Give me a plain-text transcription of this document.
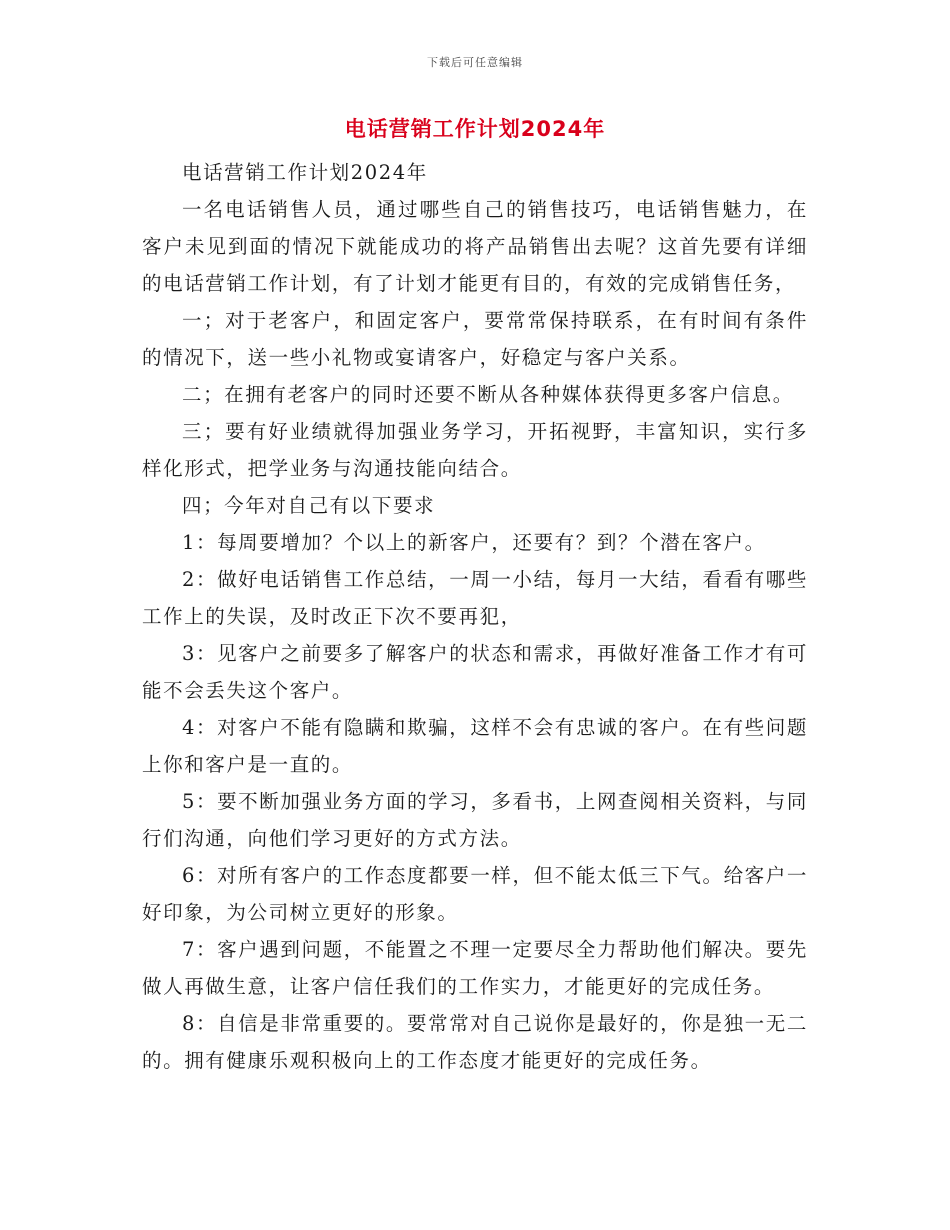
下载后可任意编辑
电话营销工作计划2024年

电话营销工作计划2024年

一名电话销售人员，通过哪些自己的销售技巧，电话销售魅力，在客户未见到面的情况下就能成功的将产品销售出去呢？这首先要有详细的电话营销工作计划，有了计划才能更有目的，有效的完成销售任务，

一；对于老客户，和固定客户，要常常保持联系，在有时间有条件的情况下，送一些小礼物或宴请客户，好稳定与客户关系。

二；在拥有老客户的同时还要不断从各种媒体获得更多客户信息。

三；要有好业绩就得加强业务学习，开拓视野，丰富知识，实行多样化形式，把学业务与沟通技能向结合。

四；今年对自己有以下要求

1：每周要增加？个以上的新客户，还要有？到？个潜在客户。

2：做好电话销售工作总结，一周一小结，每月一大结，看看有哪些工作上的失误，及时改正下次不要再犯，

3：见客户之前要多了解客户的状态和需求，再做好准备工作才有可能不会丢失这个客户。

4：对客户不能有隐瞒和欺骗，这样不会有忠诚的客户。在有些问题上你和客户是一直的。

5：要不断加强业务方面的学习，多看书，上网查阅相关资料，与同行们沟通，向他们学习更好的方式方法。

6：对所有客户的工作态度都要一样，但不能太低三下气。给客户一好印象，为公司树立更好的形象。

7：客户遇到问题，不能置之不理一定要尽全力帮助他们解决。要先做人再做生意，让客户信任我们的工作实力，才能更好的完成任务。

8：自信是非常重要的。要常常对自己说你是最好的，你是独一无二的。拥有健康乐观积极向上的工作态度才能更好的完成任务。
